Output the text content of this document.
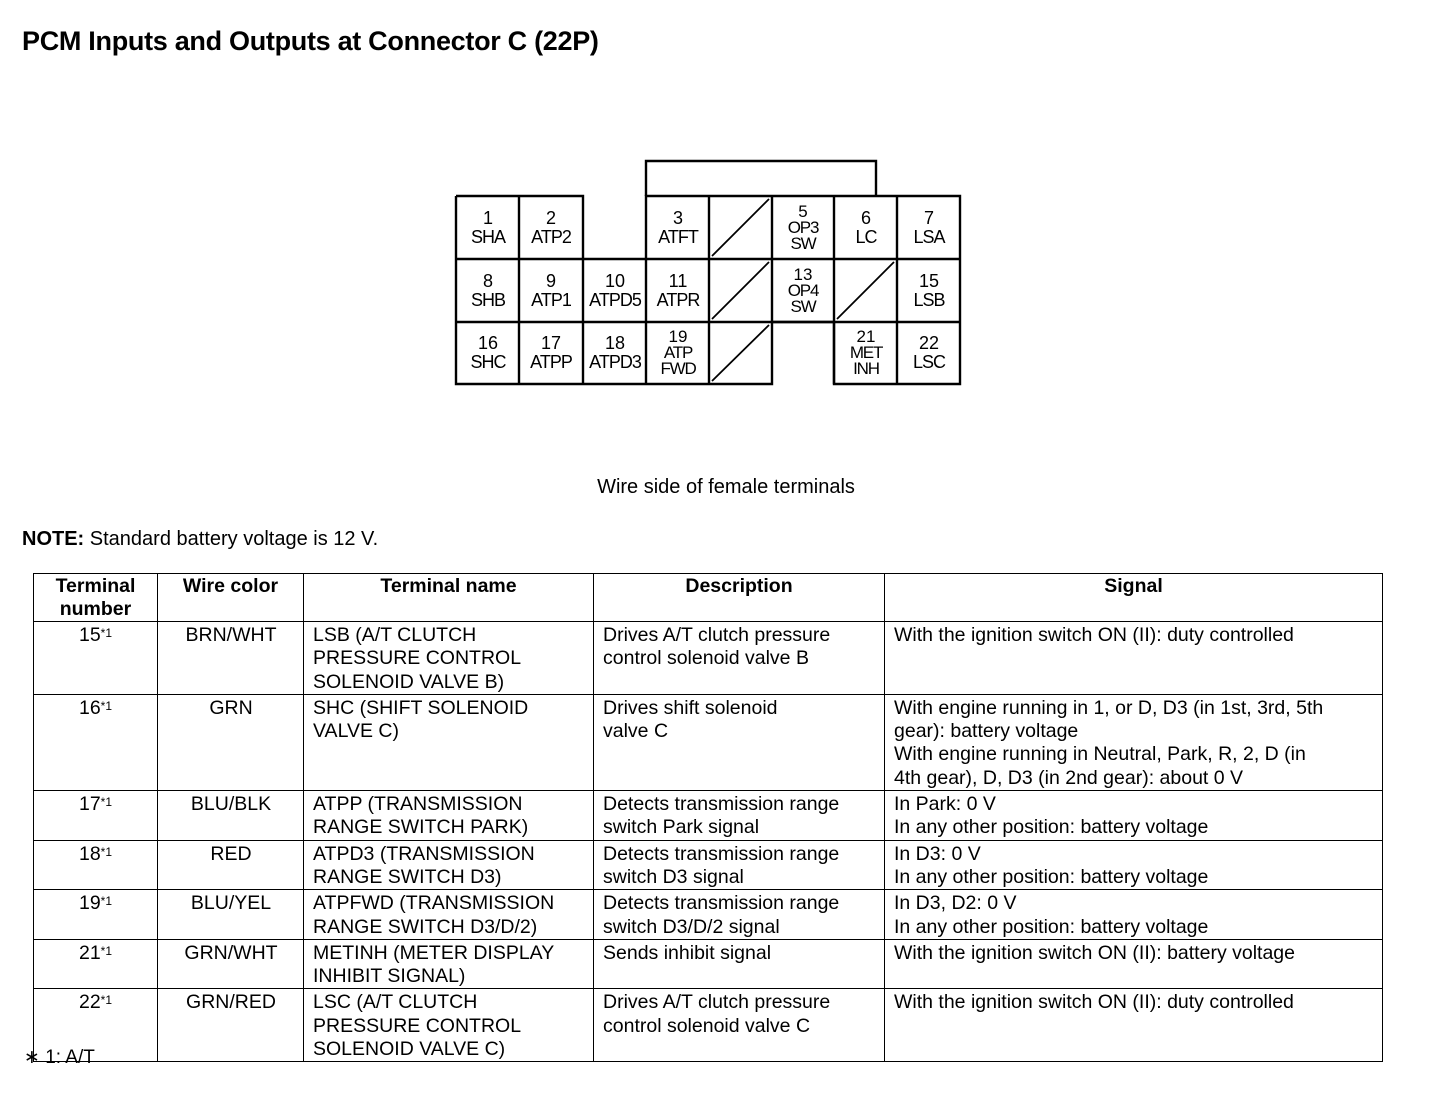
PCM Inputs and Outputs at Connector C (22P)
1
SHA
2
ATP2
3
ATFT
5
OP3
SW
6
LC
7
LSA
8
SHB
9
ATP1
10
ATPD5
11
ATPR
13
OP4
SW
15
LSB
16
SHC
17
ATPP
18
ATPD3
19
ATP
FWD
21
MET
INH
22
LSC
Wire side of female terminals
NOTE: Standard battery voltage is 12 V.
Terminal number	Wire color	Terminal name	Description	Signal
15$^{*1}$	BRN/WHT	LSB (A/T CLUTCH
PRESSURE CONTROL
SOLENOID VALVE B)	Drives A/T clutch pressure
control solenoid valve B	With the ignition switch ON (II): duty controlled

16$^{*1}$	GRN	SHC (SHIFT SOLENOID
VALVE C)	Drives shift solenoid
valve C	With engine running in 1, or D, D3 (in 1st, 3rd, 5th
gear): battery voltage
With engine running in Neutral, Park, R, 2, D (in
4th gear), D, D3 (in 2nd gear): about 0 V

17$^{*1}$	BLU/BLK	ATPP (TRANSMISSION
RANGE SWITCH PARK)	Detects transmission range
switch Park signal	In Park: 0 V
In any other position: battery voltage

18$^{*1}$	RED	ATPD3 (TRANSMISSION
RANGE SWITCH D3)	Detects transmission range
switch D3 signal	In D3: 0 V
In any other position: battery voltage

19$^{*1}$	BLU/YEL	ATPFWD (TRANSMISSION
RANGE SWITCH D3/D/2)	Detects transmission range
switch D3/D/2 signal	In D3, D2: 0 V
In any other position: battery voltage

21$^{*1}$	GRN/WHT	METINH (METER DISPLAY
INHIBIT SIGNAL)	Sends inhibit signal	With the ignition switch ON (II): battery voltage

22$^{*1}$	GRN/RED	LSC (A/T CLUTCH
PRESSURE CONTROL
SOLENOID VALVE C)	Drives A/T clutch pressure
control solenoid valve C	With the ignition switch ON (II): duty controlled
∗ 1: A/T
